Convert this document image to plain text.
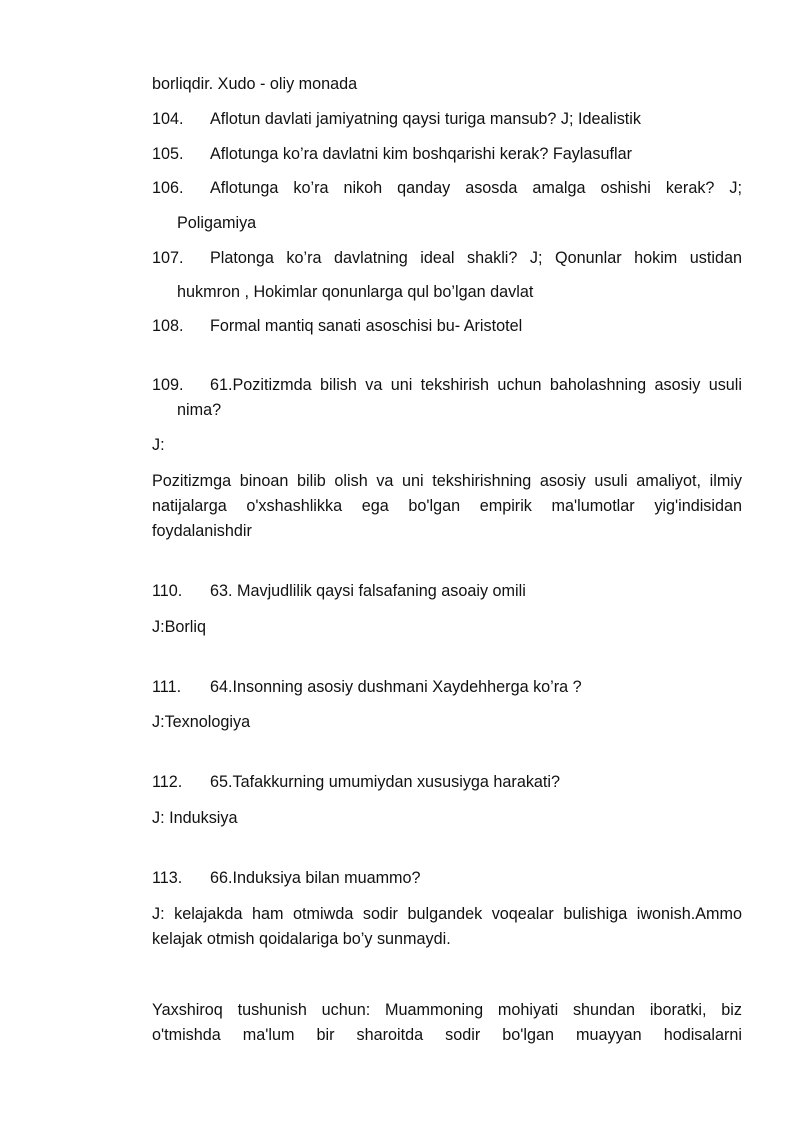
borliqdir. Xudo - oliy monada
104. Aflotun davlati jamiyatning qaysi turiga mansub? J; Idealistik
105. Aflotunga ko’ra davlatni kim boshqarishi kerak? Faylasuflar
106. Aflotunga ko’ra nikoh qanday asosda amalga oshishi kerak? J;
Poligamiya
107. Platonga ko’ra davlatning ideal shakli? J; Qonunlar hokim ustidan
hukmron , Hokimlar qonunlarga qul bo’lgan davlat
108. Formal mantiq sanati asoschisi bu- Aristotel
109. 61.Pozitizmda bilish va uni tekshirish uchun baholashning asosiy usuli
nima?
J:
Pozitizmga binoan bilib olish va uni tekshirishning asosiy usuli amaliyot, ilmiy
natijalarga o'xshashlikka ega bo'lgan empirik ma'lumotlar yig'indisidan
foydalanishdir
110. 63. Mavjudlilik qaysi falsafaning asoaiy omili
J:Borliq
111. 64.Insonning asosiy dushmani Xaydehherga ko’ra ?
J:Texnologiya
112. 65.Tafakkurning umumiydan xususiyga harakati?
J: Induksiya
113. 66.Induksiya bilan muammo?
J: kelajakda ham otmiwda sodir bulgandek voqealar bulishiga iwonish.Ammo
kelajak otmish qoidalariga bo’y sunmaydi.
Yaxshiroq tushunish uchun: Muammoning mohiyati shundan iboratki, biz
o'tmishda ma'lum bir sharoitda sodir bo'lgan muayyan hodisalarni
